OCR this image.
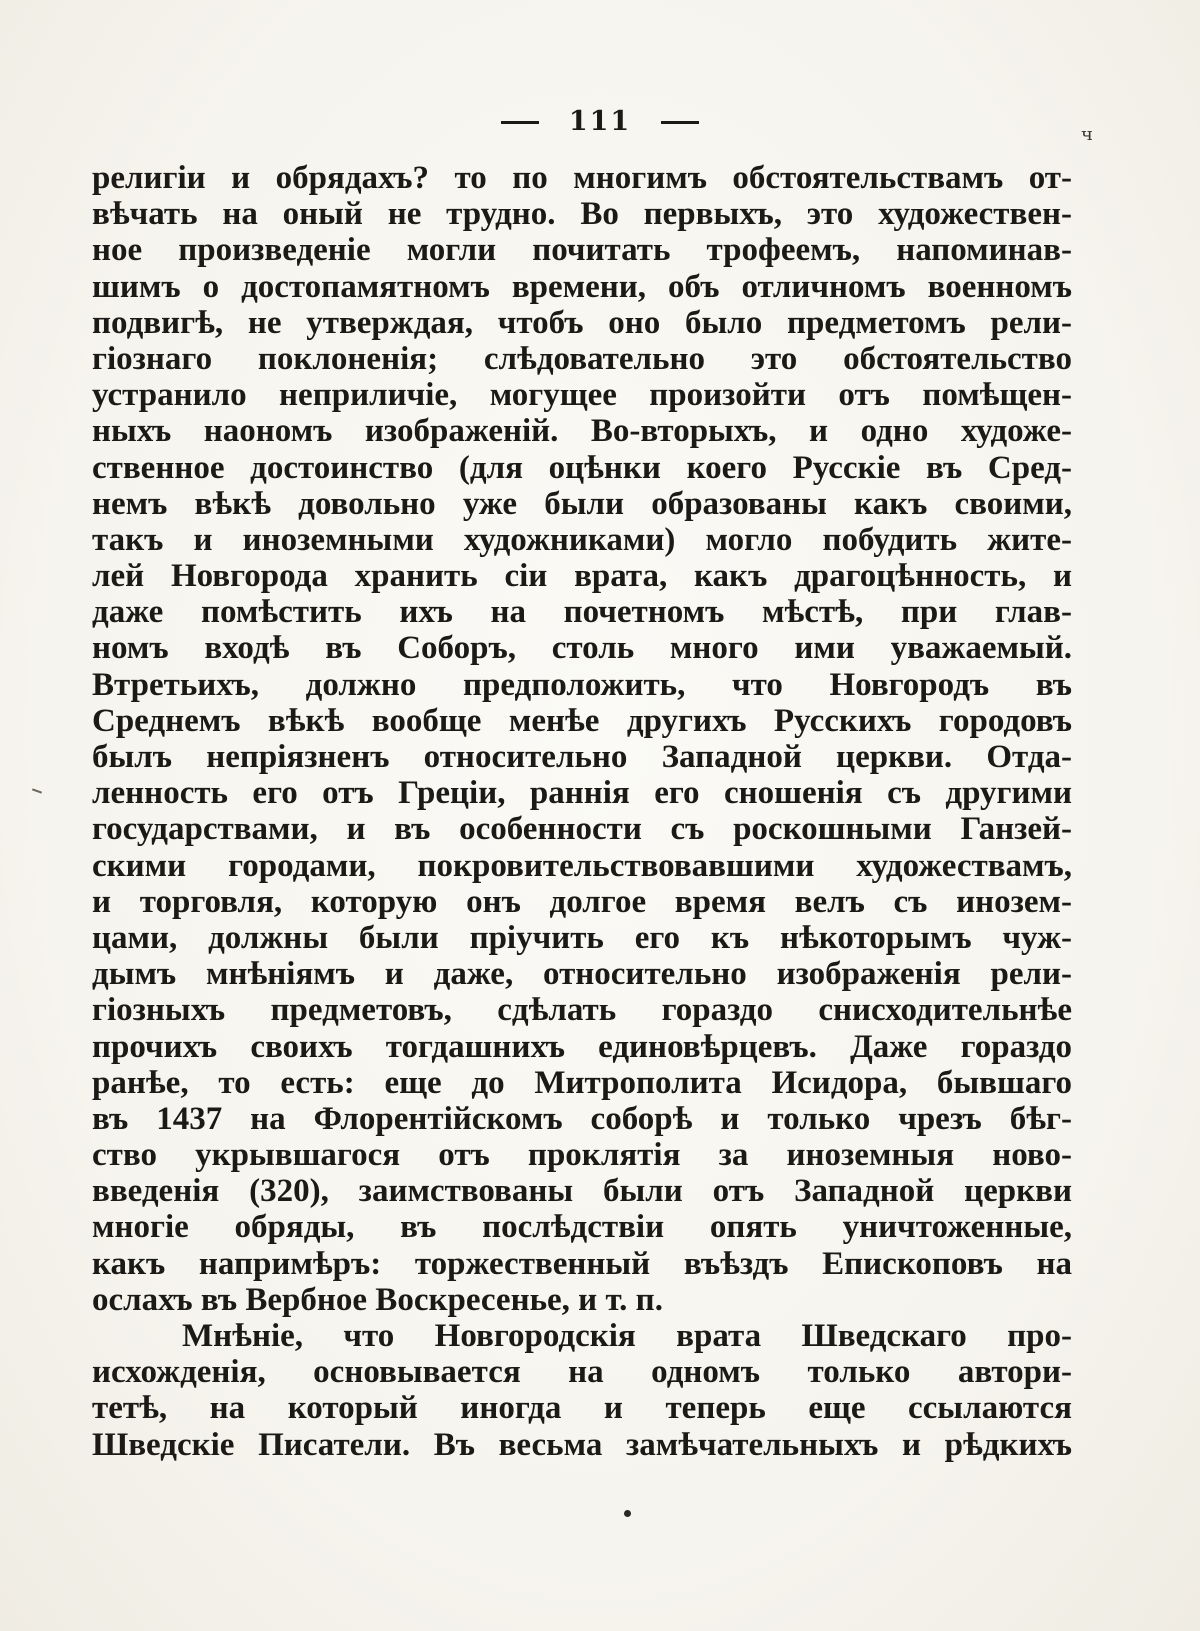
111	ч
религіи и обрядахъ? то по многимъ обстоятельствамъ от-
вѣчать на оный не трудно. Во первыхъ, это художествен-
ное произведеніе могли почитать трофеемъ, напоминав-
шимъ о достопамятномъ времени, объ отличномъ военномъ
подвигѣ, не утверждая, чтобъ оно было предметомъ рели-
гіознаго поклоненія; слѣдовательно это обстоятельство
устранило неприличіе, могущее произойти отъ помѣщен-
ныхъ наономъ изображеній. Во-вторыхъ, и одно художе-
ственное достоинство (для оцѣнки коего Русскіе въ Сред-
немъ вѣкѣ довольно уже были образованы какъ своими,
такъ и иноземными художниками) могло побудить жите-
лей Новгорода хранить сіи врата, какъ драгоцѣнность, и
даже помѣстить ихъ на почетномъ мѣстѣ, при глав-
номъ входѣ въ Соборъ, столь много ими уважаемый.
Втретьихъ, должно предположить, что Новгородъ въ
Среднемъ вѣкѣ вообще менѣе другихъ Русскихъ городовъ
былъ непріязненъ относительно Западной церкви. Отда-
ленность его отъ Греціи, раннія его сношенія съ другими
государствами, и въ особенности съ роскошными Ганзей-
скими городами, покровительствовавшими художествамъ,
и торговля, которую онъ долгое время велъ съ инозем-
цами, должны были пріучить его къ нѣкоторымъ чуж-
дымъ мнѣніямъ и даже, относительно изображенія рели-
гіозныхъ предметовъ, сдѣлать гораздо снисходительнѣе
прочихъ своихъ тогдашнихъ единовѣрцевъ. Даже гораздо
ранѣе, то есть: еще до Митрополита Исидора, бывшаго
въ 1437 на Флорентійскомъ соборѣ и только чрезъ бѣг-
ство укрывшагося отъ проклятія за иноземныя ново-
введенія (320), заимствованы были отъ Западной церкви
многіе обряды, въ послѣдствіи опять уничтоженные,
какъ напримѣръ: торжественный въѣздъ Епископовъ на
ослахъ въ Вербное Воскресенье, и т. п.
Мнѣніе, что Новгородскія врата Шведскаго про-
исхожденія, основывается на одномъ только автори-
тетѣ, на который иногда и теперь еще ссылаются
Шведскіе Писатели. Въ весьма замѣчательныхъ и рѣдкихъ
